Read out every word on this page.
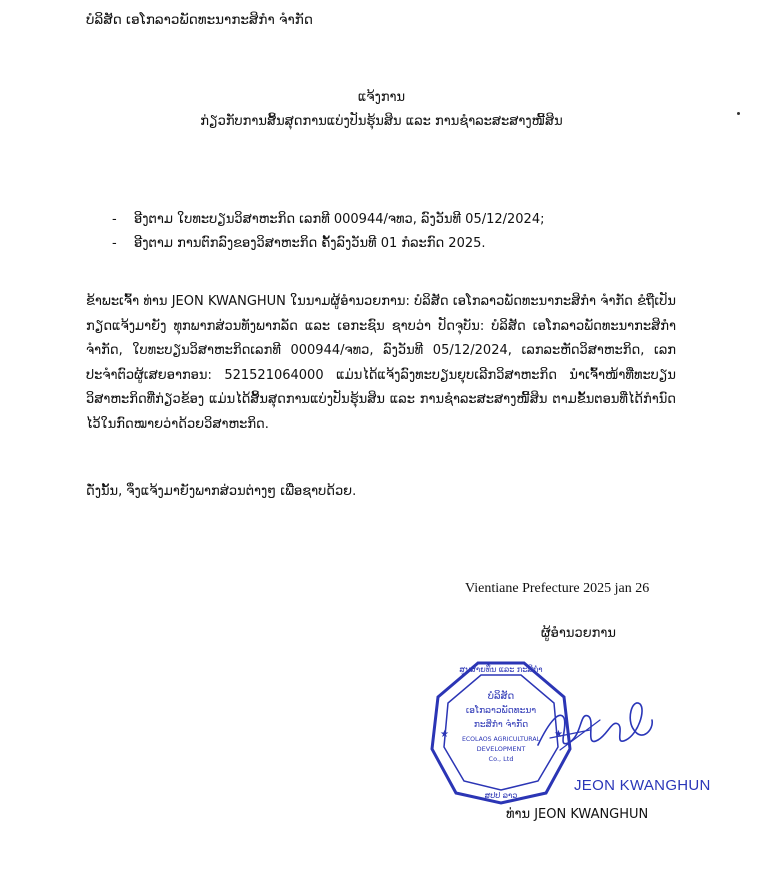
ບໍລິສັດ ເອໂກລາວພັດທະນາກະສິກຳ ຈຳກັດ
ແຈ້ງການ
ກ່ຽວກັບການສິ້ນສຸດການແບ່ງປັນຮຸ້ນສິນ ແລະ ການຊໍາລະສະສາງໜີ້ສິນ
- ອີງຕາມ ໃບທະບຽນວິສາຫະກິດ ເລກທີ 000944/ຈທວ, ລົງວັນທີ 05/12/2024;
- ອີງຕາມ ການຕົກລົງຂອງວິສາຫະກິດ ຄັ້ງລົງວັນທີ 01 ກໍລະກົດ 2025.
ຂ້າພະເຈົ້າ ທ່ານ JEON KWANGHUN ໃນນາມຜູ້ອຳນວຍການ: ບໍລິສັດ ເອໂກລາວພັດທະນາກະສິກຳ ຈຳກັດ ຂໍຖືເປັນກຽດແຈ້ງມາຍັງ ທຸກພາກສ່ວນທັງພາກລັດ ແລະ ເອກະຊົນ ຊາບວ່າ ປັດຈຸບັນ: ບໍລິສັດ ເອໂກລາວພັດທະນາກະສິກຳ ຈຳກັດ, ໃບທະບຽນວິສາຫະກິດເລກທີ 000944/ຈທວ, ລົງວັນທີ 05/12/2024, ເລກລະຫັດວິສາຫະກິດ, ເລກປະຈຳຕົວຜູ້ເສຍອາກອນ: 521521064000 ແມ່ນໄດ້ແຈ້ງລົງທະບຽນຍຸບເລີກວິສາຫະກິດ ນຳເຈົ້າໜ້າທີ່ທະບຽນວິສາຫະກິດທີ່ກ່ຽວຂ້ອງ ແມ່ນໄດ້ສິ້ນສຸດການແບ່ງປັນຮຸ້ນສິນ ແລະ ການຊໍາລະສະສາງໜີ້ສິນ ຕາມຂັ້ນຕອນທີ່ໄດ້ກຳນົດໄວ້ໃນກົດໝາຍວ່າດ້ວຍວິສາຫະກິດ.
ດັ່ງນັ້ນ, ຈຶ່ງແຈ້ງມາຍັງພາກສ່ວນຕ່າງໆ ເພື່ອຊາບດ້ວຍ.
Vientiane Prefecture 2025 jan 26
ຜູ້ອຳນວຍການ
ສູນສາຍທຶນ ແລະ ກະສິກຳ
★	★
ບໍລິສັດ
ເອໂກລາວພັດທະນາ
ກະສິກຳ ຈຳກັດ
ECOLAOS AGRICULTURAL
DEVELOPMENT
Co., Ltd
ສປປ ລາວ
JEON KWANGHUN
ທ່ານ JEON KWANGHUN
